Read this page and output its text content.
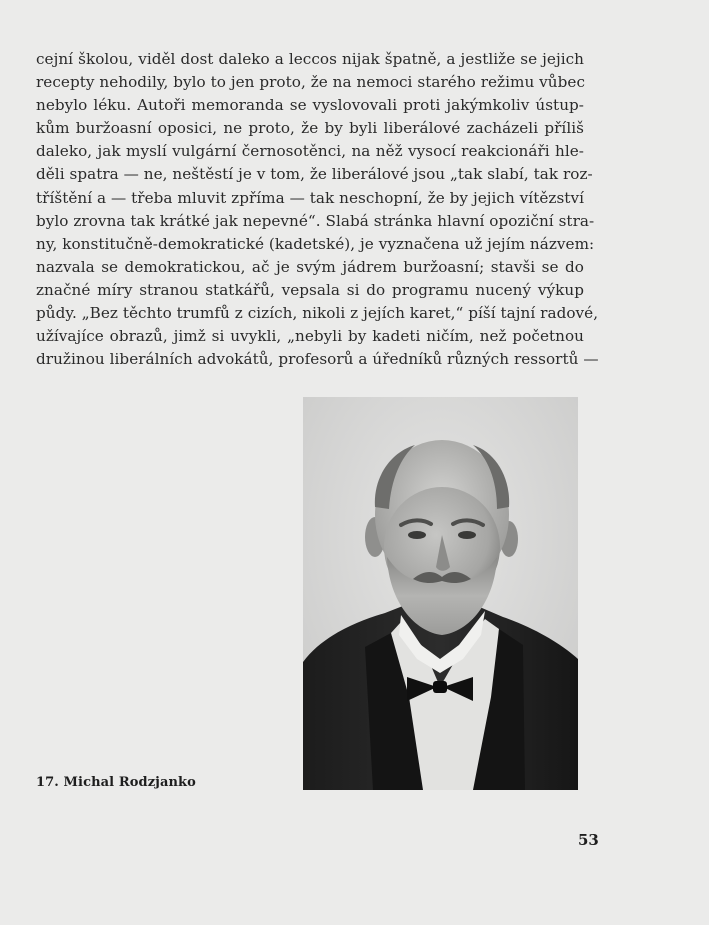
cejní školou, viděl dost daleko a leccos nijak špatně, a jestliže se jejich
recepty nehodily, bylo to jen proto, že na nemoci starého režimu vůbec
nebylo léku. Autoři memoranda se vyslovovali proti jakýmkoliv ústup-
kům buržoasní oposici, ne proto, že by byli liberálové zacházeli příliš
daleko, jak myslí vulgární černosotěnci, na něž vysocí reakcionáři hle-
děli spatra — ne, neštěstí je v tom, že liberálové jsou „tak slabí, tak roz-
tříštění a — třeba mluvit zpříma — tak neschopní, že by jejich vítězství
bylo zrovna tak krátké jak nepevné“. Slabá stránka hlavní opoziční stra-
ny, konstitučně-demokratické (kadetské), je vyznačena už jejím názvem:
nazvala se demokratickou, ač je svým jádrem buržoasní; stavši se do
značné míry stranou statkářů, vepsala si do programu nucený výkup
půdy. „Bez těchto trumfů z cizích, nikoli z jejích karet,“ píší tajní radové,
užívajíce obrazů, jimž si uvykli, „nebyli by kadeti ničím, než početnou
družinou liberálních advokátů, profesorů a úředníků různých ressortů —
17. Michal Rodzjanko
53
